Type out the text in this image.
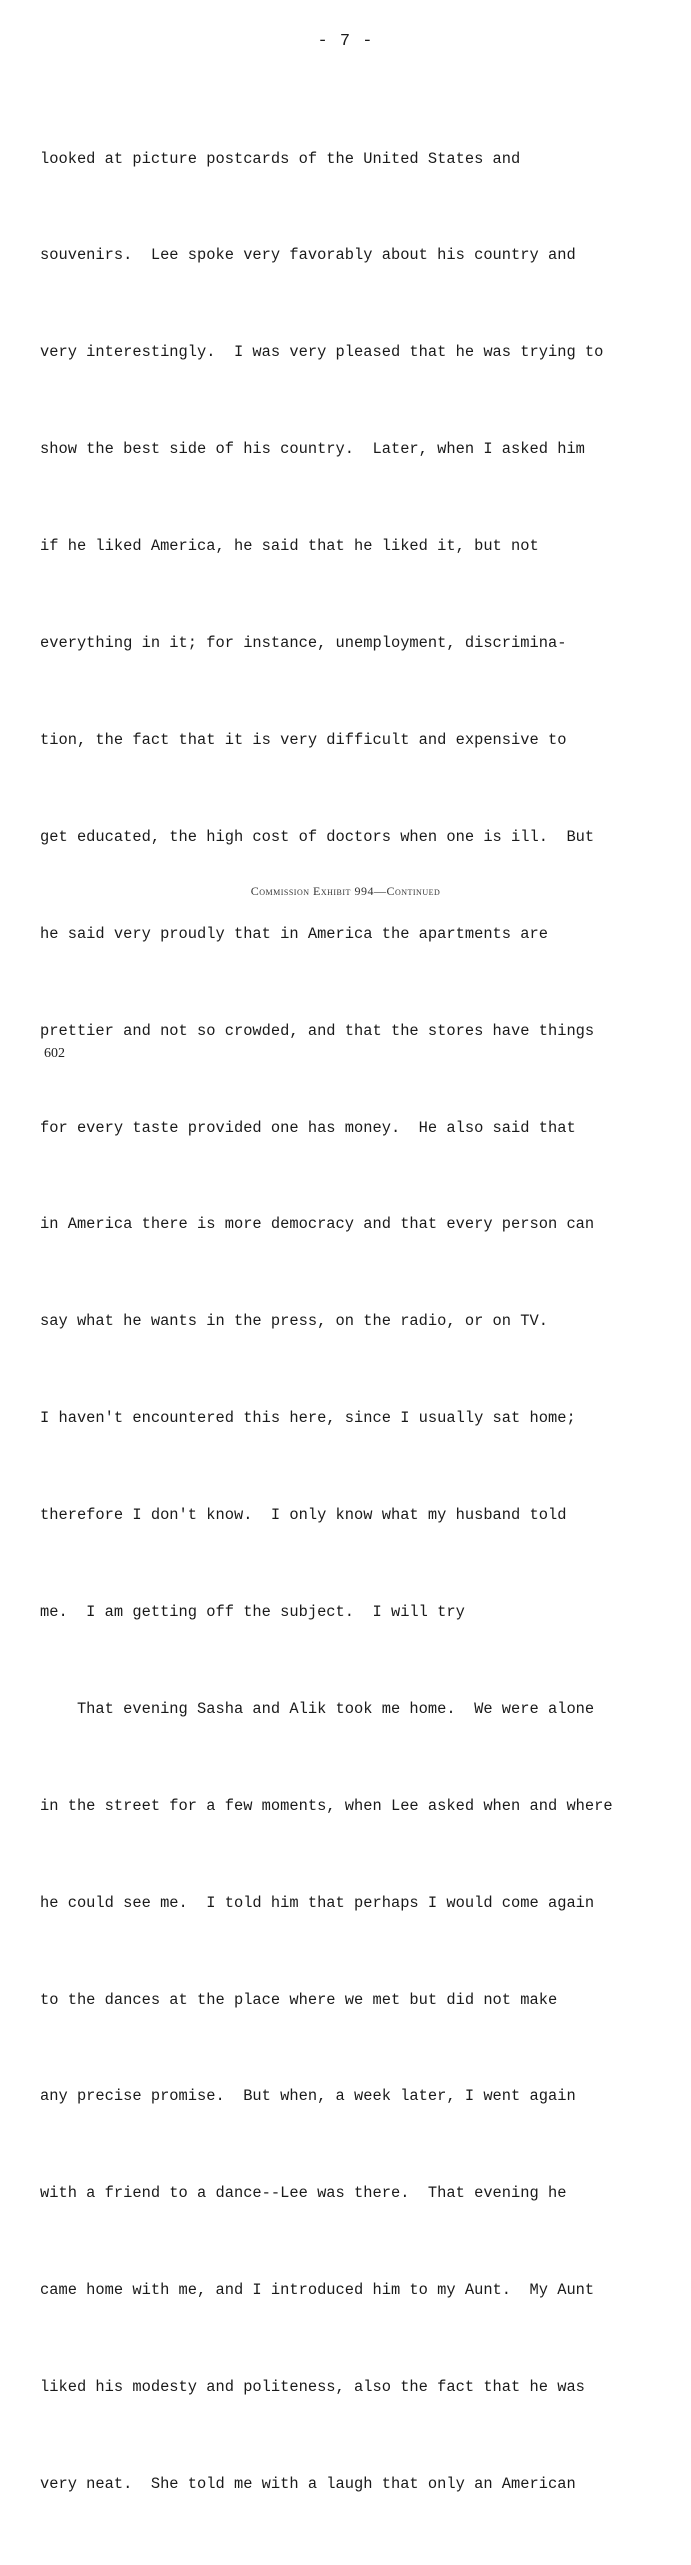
- 7 -

looked at picture postcards of the United States and

souvenirs.  Lee spoke very favorably about his country and

very interestingly.  I was very pleased that he was trying to

show the best side of his country.  Later, when I asked him

if he liked America, he said that he liked it, but not

everything in it; for instance, unemployment, discrimina-

tion, the fact that it is very difficult and expensive to

get educated, the high cost of doctors when one is ill.  But

he said very proudly that in America the apartments are

prettier and not so crowded, and that the stores have things

for every taste provided one has money.  He also said that

in America there is more democracy and that every person can

say what he wants in the press, on the radio, or on TV.

I haven't encountered this here, since I usually sat home;

therefore I don't know.  I only know what my husband told

me.  I am getting off the subject.  I will try

That evening Sasha and Alik took me home.  We were alone

in the street for a few moments, when Lee asked when and where

he could see me.  I told him that perhaps I would come again

to the dances at the place where we met but did not make

any precise promise.  But when, a week later, I went again

with a friend to a dance--Lee was there.  That evening he

came home with me, and I introduced him to my Aunt.  My Aunt

liked his modesty and politeness, also the fact that he was

very neat.  She told me with a laugh that only an American

Commission Exhibit 994—Continued
602
